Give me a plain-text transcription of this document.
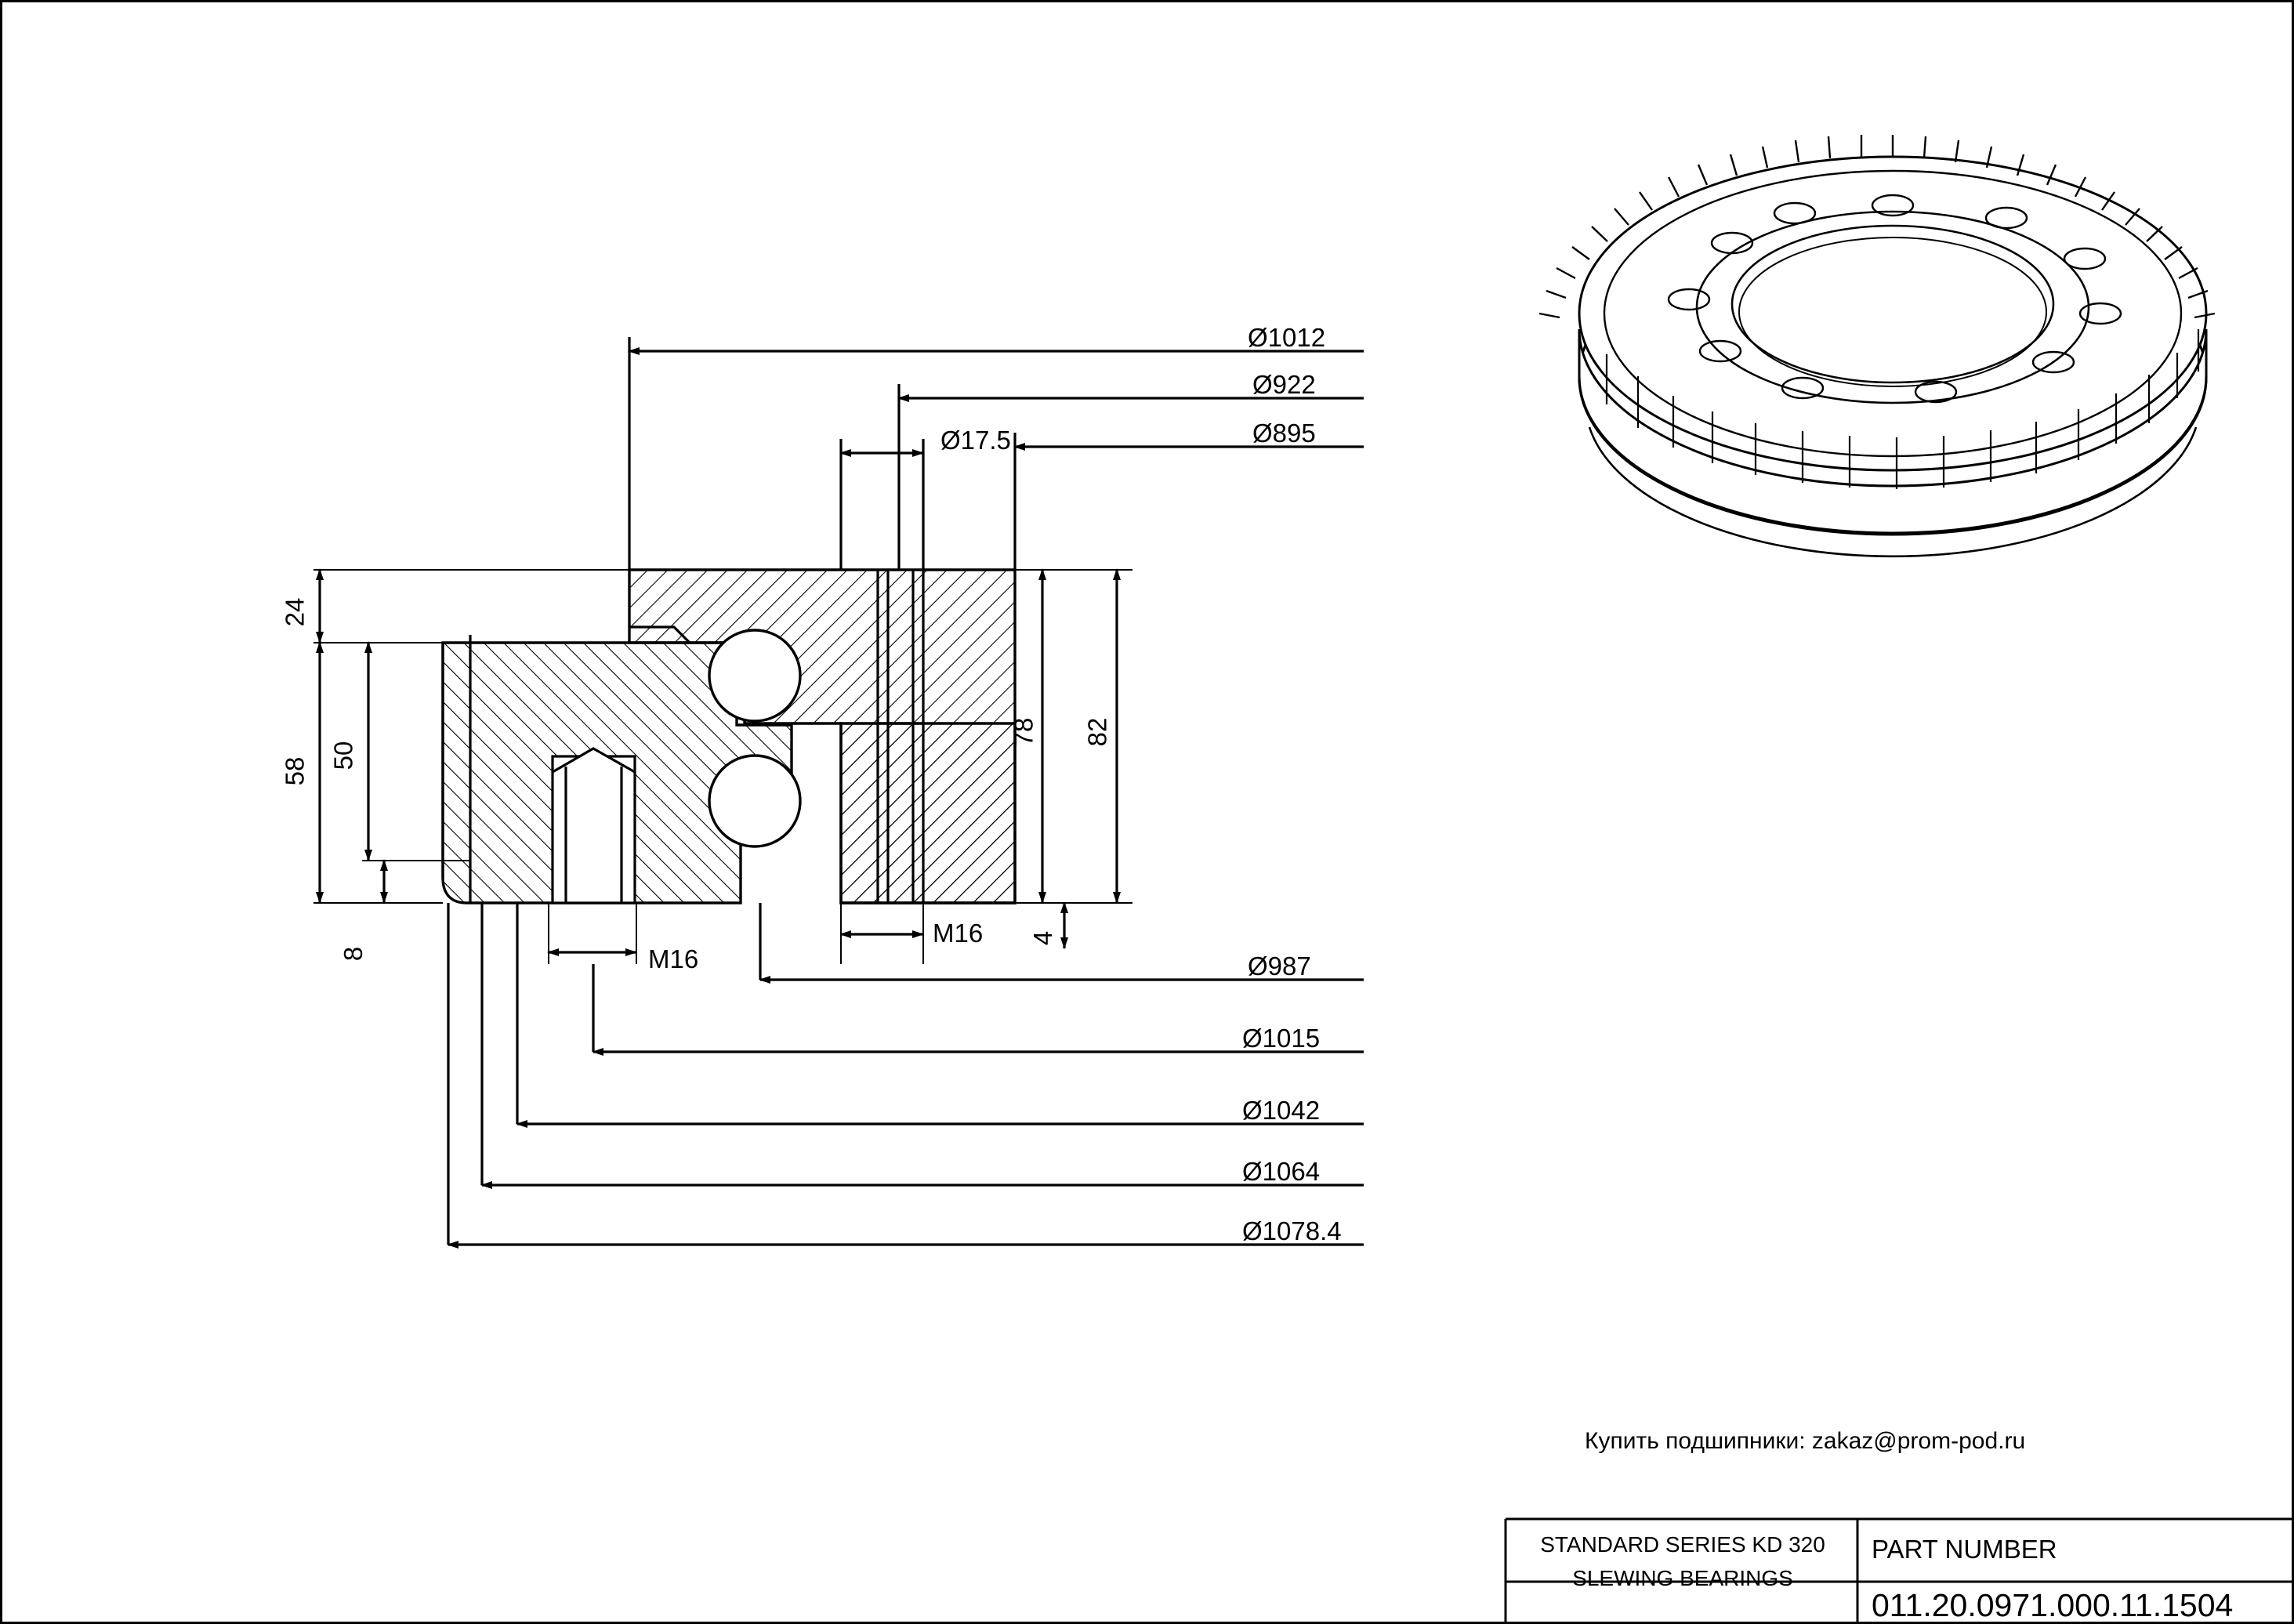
Ø1012
Ø922
Ø17.5	Ø895
Ø987
Ø1015
Ø1042
Ø1064
Ø1078.4
24
58
50
8
78 82
4
M16
M16
Купить подшипники: zakaz@prom-pod.ru
STANDARD SERIES KD 320
SLEWING BEARINGS
PART NUMBER
011.20.0971.000.11.1504
